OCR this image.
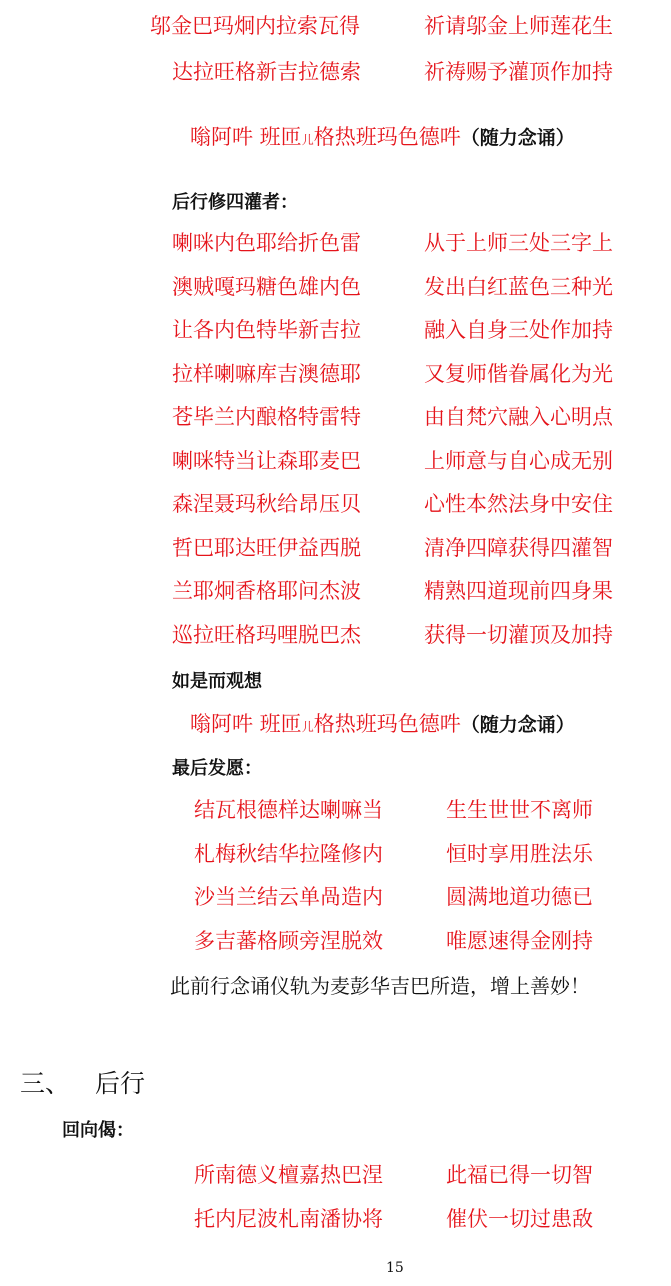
邬金巴玛炯内拉索瓦得	祈请邬金上师莲花生
达拉旺格新吉拉德索	祈祷赐予灌顶作加持
嗡阿吽 班匝儿格热班玛色德吽（随力念诵）
后行修四灌者：
喇咪内色耶给折色雷	从于上师三处三字上
澳贼嘎玛糖色雄内色	发出白红蓝色三种光
让各内色特毕新吉拉	融入自身三处作加持
拉样喇嘛库吉澳德耶	又复师偕眷属化为光
苍毕兰内酿格特雷特	由自梵穴融入心明点
喇咪特当让森耶麦巴	上师意与自心成无别
森涅聂玛秋给昂压贝	心性本然法身中安住
哲巴耶达旺伊益西脱	清净四障获得四灌智
兰耶炯香格耶问杰波	精熟四道现前四身果
巡拉旺格玛哩脱巴杰	获得一切灌顶及加持
如是而观想
嗡阿吽 班匝儿格热班玛色德吽（随力念诵）
最后发愿：
结瓦根德样达喇嘛当	生生世世不离师
札梅秋结华拉隆修内	恒时享用胜法乐
沙当兰结云单咼造内	圆满地道功德已
多吉蕃格顾旁涅脱效	唯愿速得金刚持
此前行念诵仪轨为麦彭华吉巴所造，增上善妙！
三、 后行
回向偈：
所南德义檀嘉热巴涅	此福已得一切智
托内尼波札南潘协将	催伏一切过患敌
15
